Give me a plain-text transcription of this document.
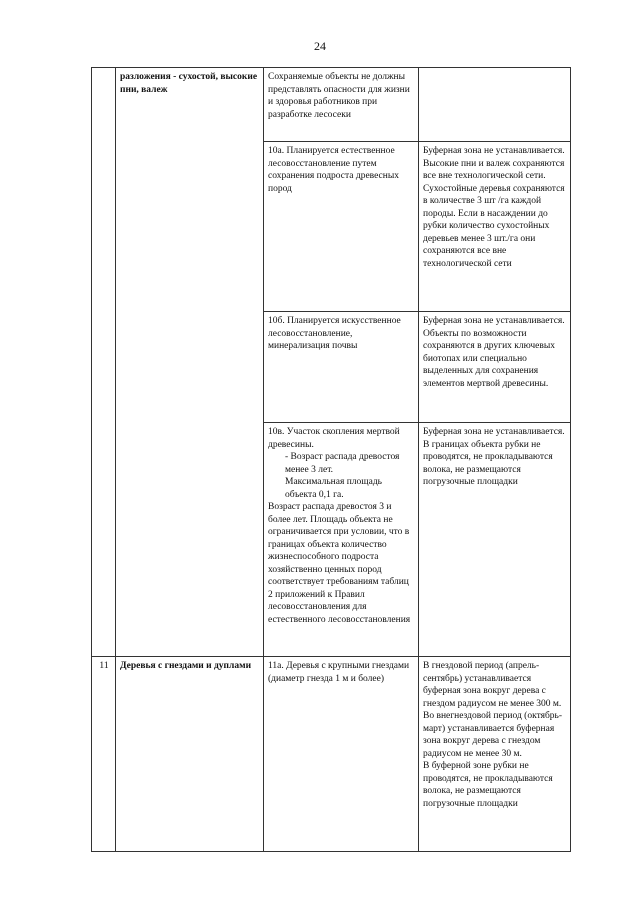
24
	разложения - сухостой, высокие пни, валеж	Сохраняемые объекты не должны представлять опасности для жизни и здоровья работников при разработке лесосеки	

		10а. Планируется естественное лесовосстановление путем сохранения подроста древесных пород	Буферная зона не устанавливается.
Высокие пни и валеж сохраняются все вне технологической сети.
Сухостойные деревья сохраняются в количестве 3 шт /га каждой породы. Если в насаждении до рубки количество сухостойных деревьев менее 3 шт./га они сохраняются все вне технологической сети

		10б. Планируется искусственное лесовосстановление, минерализация почвы	Буферная зона не устанавливается.
Объекты по возможности сохраняются в других ключевых биотопах или специально выделенных для сохранения элементов мертвой древесины.

		10в. Участок скопления мертвой древесины.
- Возраст распада древостоя менее 3 лет.
Максимальная площадь объекта 0,1 га.
Возраст распада древостоя 3 и более лет. Площадь объекта не ограничивается при условии, что в границах объекта количество жизнеспособного подроста хозяйственно ценных пород соответствует требованиям таблиц 2 приложений к Правил лесовосстановления для естественного лесовосстановления	Буферная зона не устанавливается.
В границах объекта рубки не проводятся, не прокладываются волока, не размещаются погрузочные площадки

11	Деревья с гнездами и дуплами	11а. Деревья с крупными гнездами (диаметр гнезда 1 м и более)	В гнездовой период (апрель-сентябрь) устанавливается буферная зона вокруг дерева с гнездом радиусом не менее 300 м.
Во внегнездовой период (октябрь-март) устанавливается буферная зона вокруг дерева с гнездом радиусом не менее 30 м.
В буферной зоне рубки не проводятся, не прокладываются волока, не размещаются погрузочные площадки
